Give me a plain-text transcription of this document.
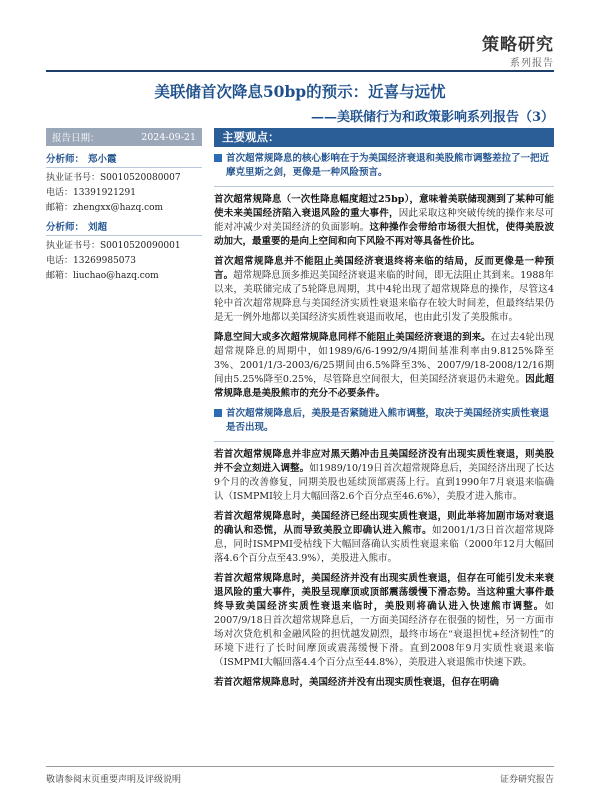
策略研究
系列报告
美联储首次降息50bp的预示：近喜与远忧
——美联储行为和政策影响系列报告（3）
报告日期：	2024-09-21
分析师： 郑小霞
执业证书号：S0010520080007
电话：13391921291
邮箱：zhengxx@hazq.com
分析师： 刘超
执业证书号：S0010520090001
电话：13269985073
邮箱：liuchao@hazq.com
主要观点：
首次超常规降息的核心影响在于为美国经济衰退和美股熊市调整差拉了一把近摩克里斯之剑，更像是一种风险预言。
首次超常规降息（一次性降息幅度超过25bp），意味着美联储现测到了某种可能使未来美国经济陷入衰退风险的重大事件，因此采取这种突破传统的操作来尽可能对冲减少对美国经济的负面影响。这种操作会带给市场很大担忧，使得美股波动加大，最重要的是向上空间和向下风险不再对等具备性价比。
首次超常规降息并不能阻止美国经济衰退终将来临的结局，反而更像是一种预言。超常规降息顶多推迟美国经济衰退来临的时间，即无法阻止其到来。1988年以来，美联储完成了5轮降息周期，其中4轮出现了超常规降息的操作，尽管这4轮中首次超常规降息与美国经济实质性衰退来临存在较大时间差，但最终结果仍是无一例外地都以美国经济实质性衰退而收尾，也由此引发了美股熊市。
降息空间大或多次超常规降息同样不能阻止美国经济衰退的到来。在过去4轮出现超常规降息的周期中，如1989/6/6-1992/9/4期间基准利率由9.8125%降至3%、2001/1/3-2003/6/25期间由6.5%降至3%、2007/9/18-2008/12/16期间由5.25%降至0.25%，尽管降息空间很大，但美国经济衰退仍未避免。因此超常规降息是美股熊市的充分不必要条件。
首次超常规降息后，美股是否紧随进入熊市调整，取决于美国经济实质性衰退是否出现。
若首次超常规降息并非应对黑天鹅冲击且美国经济没有出现实质性衰退，则美股并不会立刻进入调整。如1989/10/19日首次超常规降息后，美国经济出现了长达9个月的改善修复，同期美股也延续顶部震荡上行。直到1990年7月衰退来临确认（ISMPMI较上月大幅回落2.6个百分点至46.6%），美股才进入熊市。
若首次超常规降息时，美国经济已经出现实质性衰退，则此举将加剧市场对衰退的确认和恐慌，从而导致美股立即确认进入熊市。如2001/1/3日首次超常规降息，同时ISMPMI受枯线下大幅回落确认实质性衰退来临（2000年12月大幅回落4.6个百分点至43.9%），美股进入熊市。
若首次超常规降息时，美国经济并没有出现实质性衰退，但存在可能引发未来衰退风险的重大事件，美股呈现摩顶或顶部震荡缓慢下滑态势。当这种重大事件最终导致美国经济实质性衰退来临时，美股则将确认进入快速熊市调整。如2007/9/18日首次超常规降息后，一方面美国经济存在很强的韧性，另一方面市场对次贷危机和金融风险的担忧越发剧烈，最终市场在“衰退担忧+经济韧性”的环境下进行了长时间摩顶或震荡缓慢下滑。直到2008年9月实质性衰退来临（ISMPMI大幅回落4.4个百分点至44.8%），美股进入衰退熊市快速下跌。
若首次超常规降息时，美国经济并没有出现实质性衰退，但存在明确
敬请参阅末页重要声明及评级说明	证券研究报告
